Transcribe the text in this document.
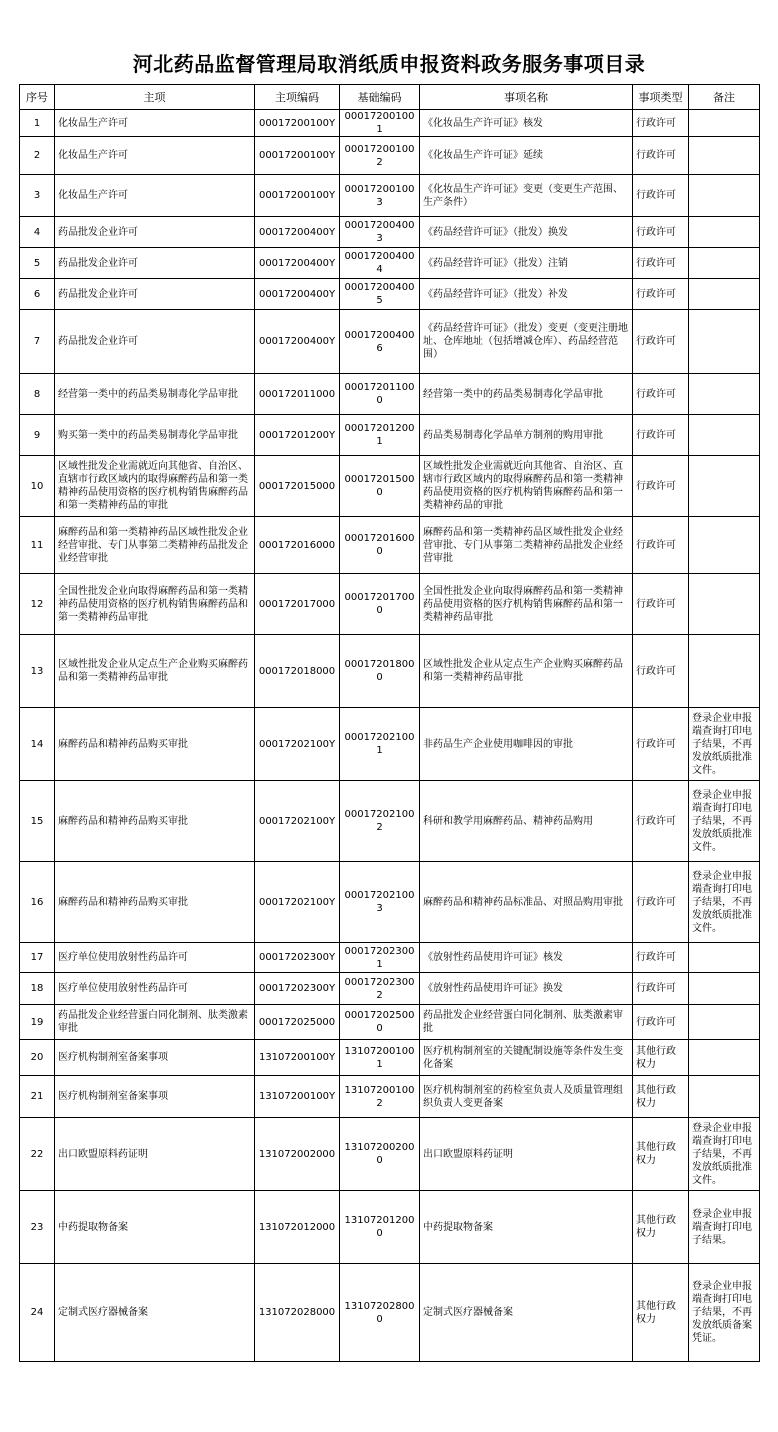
河北药品监督管理局取消纸质申报资料政务服务事项目录
序号	主项	主项编码	基础编码	事项名称	事项类型	备注
1	化妆品生产许可	00017200100Y	000172001001	《化妆品生产许可证》核发	行政许可	
2	化妆品生产许可	00017200100Y	000172001002	《化妆品生产许可证》延续	行政许可	
3	化妆品生产许可	00017200100Y	000172001003	《化妆品生产许可证》变更（变更生产范围、生产条件）	行政许可	
4	药品批发企业许可	00017200400Y	000172004003	《药品经营许可证》（批发）换发	行政许可	
5	药品批发企业许可	00017200400Y	000172004004	《药品经营许可证》（批发）注销	行政许可	
6	药品批发企业许可	00017200400Y	000172004005	《药品经营许可证》（批发）补发	行政许可	
7	药品批发企业许可	00017200400Y	000172004006	《药品经营许可证》（批发）变更（变更注册地址、仓库地址（包括增减仓库）、药品经营范围）	行政许可	
8	经营第一类中的药品类易制毒化学品审批	000172011000	000172011000	经营第一类中的药品类易制毒化学品审批	行政许可	
9	购买第一类中的药品类易制毒化学品审批	00017201200Y	000172012001	药品类易制毒化学品单方制剂的购用审批	行政许可	
10	区域性批发企业需就近向其他省、自治区、直辖市行政区域内的取得麻醉药品和第一类精神药品使用资格的医疗机构销售麻醉药品和第一类精神药品的审批	000172015000	000172015000	区域性批发企业需就近向其他省、自治区、直辖市行政区域内的取得麻醉药品和第一类精神药品使用资格的医疗机构销售麻醉药品和第一类精神药品的审批	行政许可	
11	麻醉药品和第一类精神药品区域性批发企业经营审批、专门从事第二类精神药品批发企业经营审批	000172016000	000172016000	麻醉药品和第一类精神药品区域性批发企业经营审批、专门从事第二类精神药品批发企业经营审批	行政许可	
12	全国性批发企业向取得麻醉药品和第一类精神药品使用资格的医疗机构销售麻醉药品和第一类精神药品审批	000172017000	000172017000	全国性批发企业向取得麻醉药品和第一类精神药品使用资格的医疗机构销售麻醉药品和第一类精神药品审批	行政许可	
13	区域性批发企业从定点生产企业购买麻醉药品和第一类精神药品审批	000172018000	000172018000	区域性批发企业从定点生产企业购买麻醉药品和第一类精神药品审批	行政许可	
14	麻醉药品和精神药品购买审批	00017202100Y	000172021001	非药品生产企业使用咖啡因的审批	行政许可	登录企业申报端查询打印电子结果，不再发放纸质批准文件。
15	麻醉药品和精神药品购买审批	00017202100Y	000172021002	科研和教学用麻醉药品、精神药品购用	行政许可	登录企业申报端查询打印电子结果，不再发放纸质批准文件。
16	麻醉药品和精神药品购买审批	00017202100Y	000172021003	麻醉药品和精神药品标准品、对照品购用审批	行政许可	登录企业申报端查询打印电子结果，不再发放纸质批准文件。
17	医疗单位使用放射性药品许可	00017202300Y	000172023001	《放射性药品使用许可证》核发	行政许可	
18	医疗单位使用放射性药品许可	00017202300Y	000172023002	《放射性药品使用许可证》换发	行政许可	
19	药品批发企业经营蛋白同化制剂、肽类激素审批	000172025000	000172025000	药品批发企业经营蛋白同化制剂、肽类激素审批	行政许可	
20	医疗机构制剂室备案事项	13107200100Y	131072001001	医疗机构制剂室的关键配制设施等条件发生变化备案	其他行政权力	
21	医疗机构制剂室备案事项	13107200100Y	131072001002	医疗机构制剂室的药检室负责人及质量管理组织负责人变更备案	其他行政权力	
22	出口欧盟原料药证明	131072002000	131072002000	出口欧盟原料药证明	其他行政权力	登录企业申报端查询打印电子结果，不再发放纸质批准文件。
23	中药提取物备案	131072012000	131072012000	中药提取物备案	其他行政权力	登录企业申报端查询打印电子结果。
24	定制式医疗器械备案	131072028000	131072028000	定制式医疗器械备案	其他行政权力	登录企业申报端查询打印电子结果，不再发放纸质备案凭证。
